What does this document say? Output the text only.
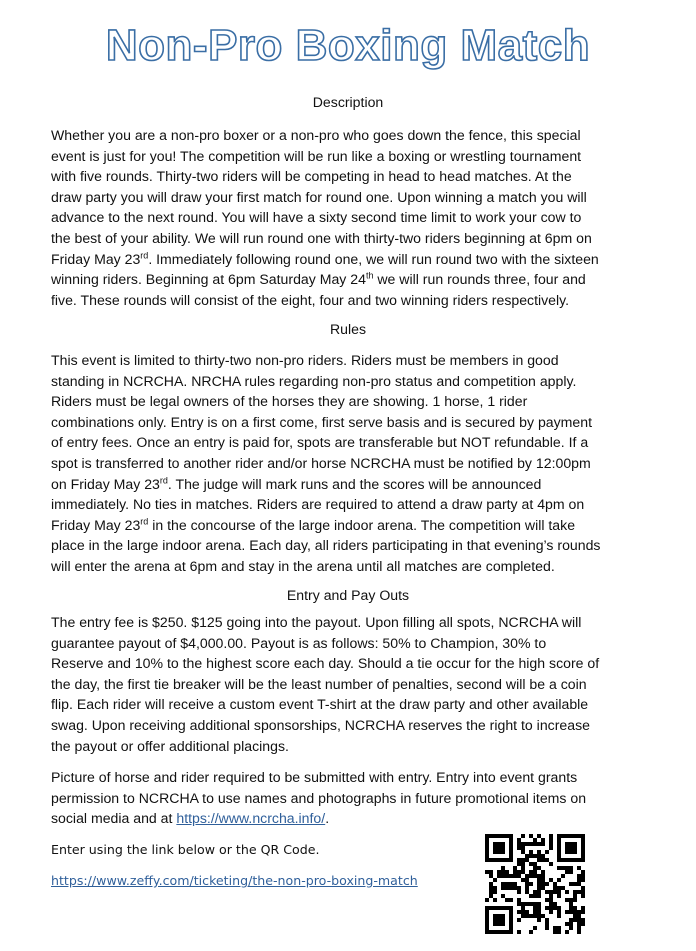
Non-Pro Boxing Match

Description

Whether you are a non-pro boxer or a non-pro who goes down the fence, this special
event is just for you! The competition will be run like a boxing or wrestling tournament
with five rounds. Thirty-two riders will be competing in head to head matches. At the
draw party you will draw your first match for round one. Upon winning a match you will
advance to the next round. You will have a sixty second time limit to work your cow to
the best of your ability. We will run round one with thirty-two riders beginning at 6pm on
Friday May 23rd. Immediately following round one, we will run round two with the sixteen
winning riders. Beginning at 6pm Saturday May 24th we will run rounds three, four and
five. These rounds will consist of the eight, four and two winning riders respectively.

Rules

This event is limited to thirty-two non-pro riders. Riders must be members in good
standing in NCRCHA. NRCHA rules regarding non-pro status and competition apply.
Riders must be legal owners of the horses they are showing. 1 horse, 1 rider
combinations only. Entry is on a first come, first serve basis and is secured by payment
of entry fees. Once an entry is paid for, spots are transferable but NOT refundable. If a
spot is transferred to another rider and/or horse NCRCHA must be notified by 12:00pm
on Friday May 23rd. The judge will mark runs and the scores will be announced
immediately. No ties in matches. Riders are required to attend a draw party at 4pm on
Friday May 23rd in the concourse of the large indoor arena. The competition will take
place in the large indoor arena. Each day, all riders participating in that evening’s rounds
will enter the arena at 6pm and stay in the arena until all matches are completed.

Entry and Pay Outs

The entry fee is $250. $125 going into the payout. Upon filling all spots, NCRCHA will
guarantee payout of $4,000.00. Payout is as follows: 50% to Champion, 30% to
Reserve and 10% to the highest score each day. Should a tie occur for the high score of
the day, the first tie breaker will be the least number of penalties, second will be a coin
flip. Each rider will receive a custom event T-shirt at the draw party and other available
swag. Upon receiving additional sponsorships, NCRCHA reserves the right to increase
the payout or offer additional placings.
Picture of horse and rider required to be submitted with entry. Entry into event grants
permission to NCRCHA to use names and photographs in future promotional items on
social media and at https://www.ncrcha.info/.
Enter using the link below or the QR Code.
https://www.zeffy.com/ticketing/the-non-pro-boxing-match
